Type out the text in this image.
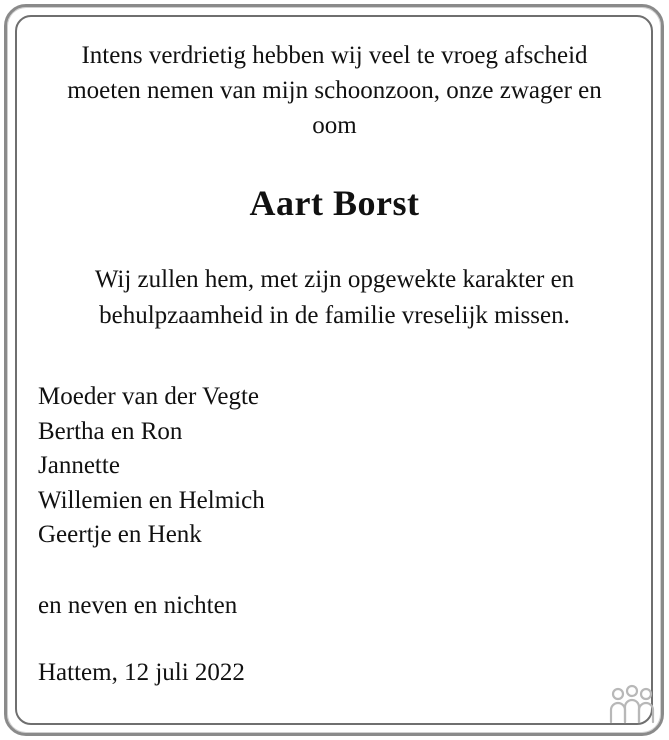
Intens verdrietig hebben wij veel te vroeg afscheid
moeten nemen van mijn schoonzoon, onze zwager en
oom
Aart Borst
Wij zullen hem, met zijn opgewekte karakter en
behulpzaamheid in de familie vreselijk missen.
Moeder van der Vegte
Bertha en Ron
Jannette
Willemien en Helmich
Geertje en Henk
en neven en nichten
Hattem, 12 juli 2022
